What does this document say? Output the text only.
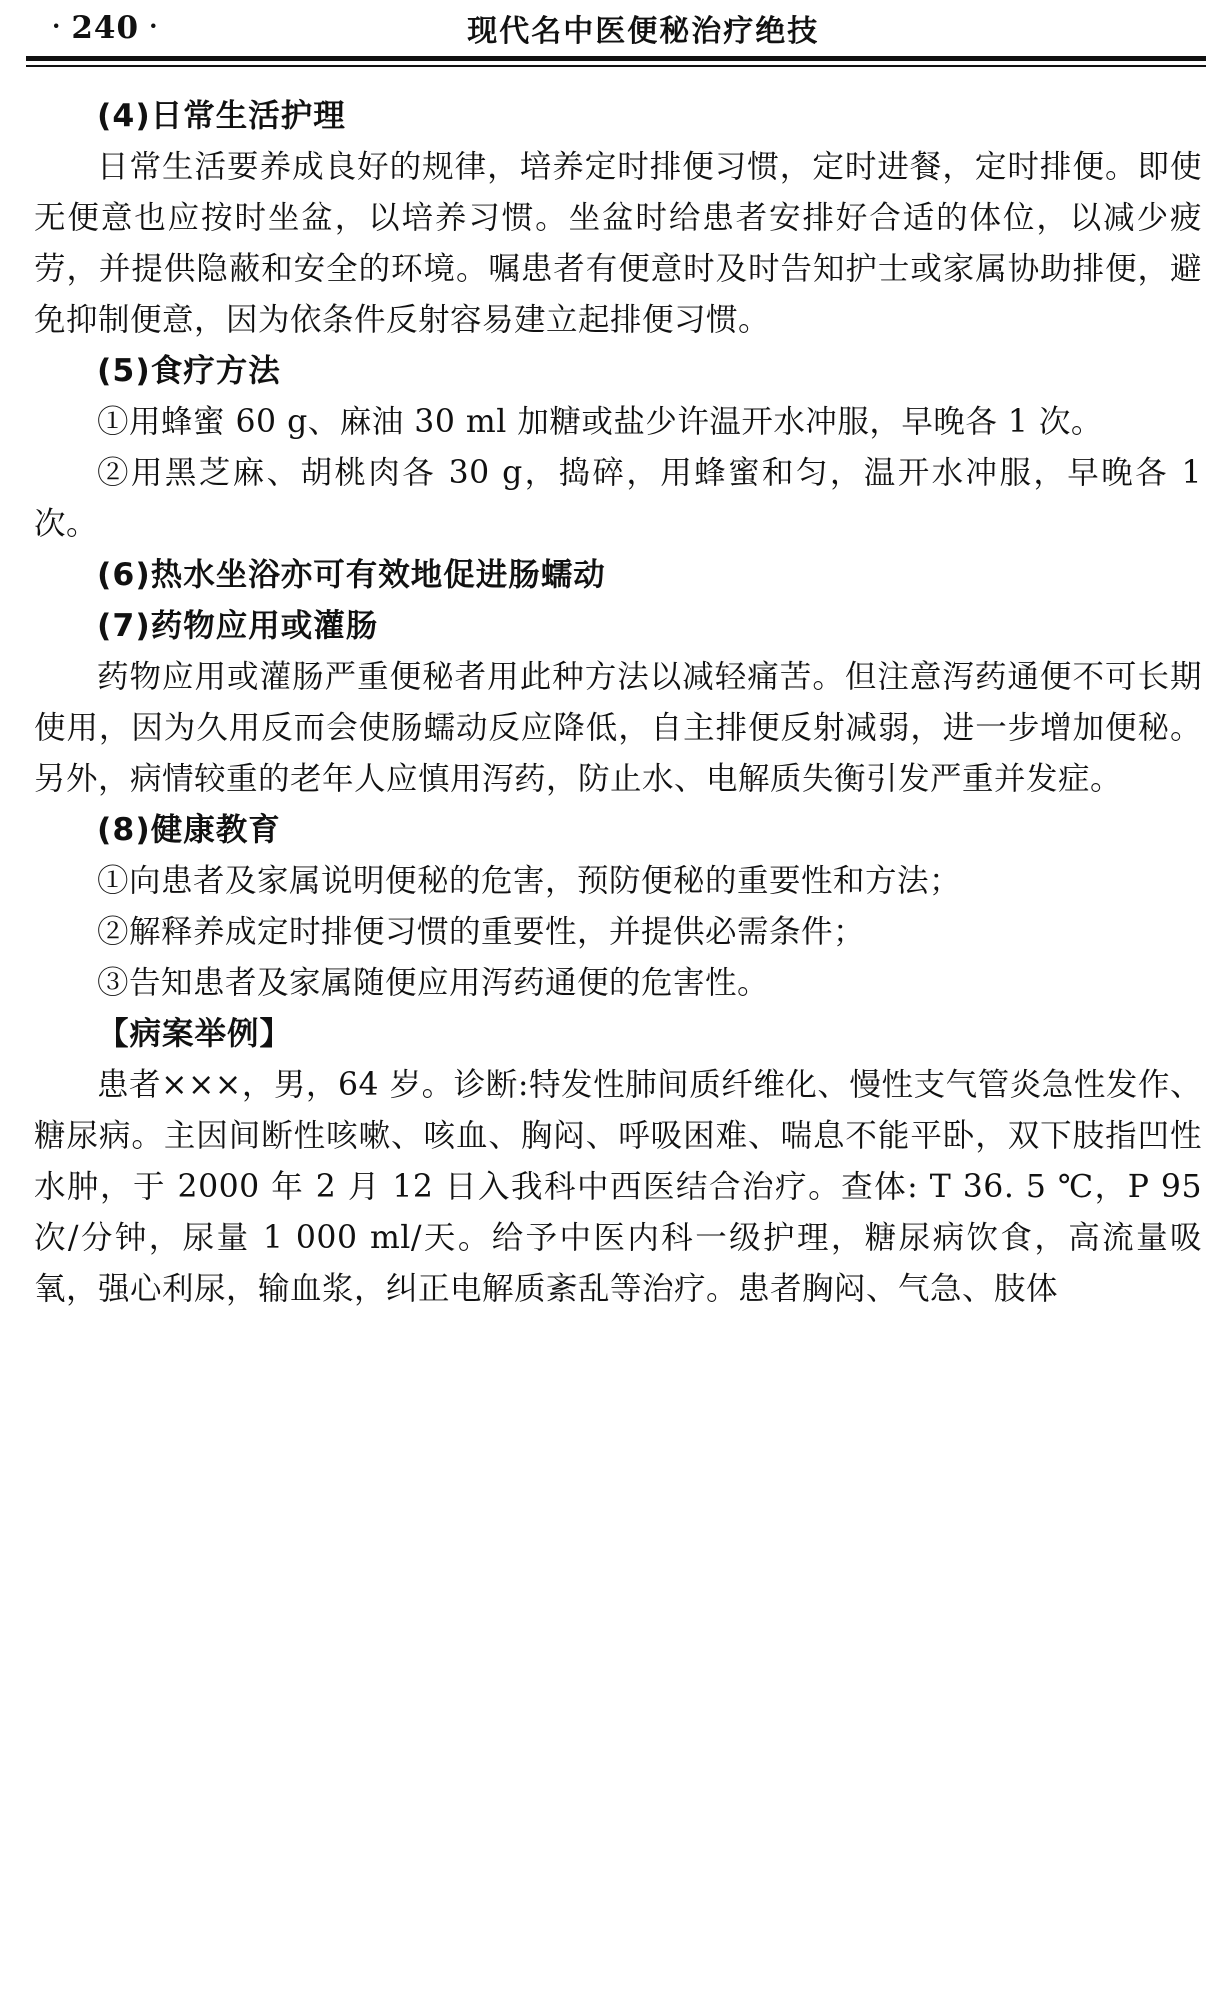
· 240 ·	现代名中医便秘治疗绝技

(4)日常生活护理

日常生活要养成良好的规律，培养定时排便习惯，定时进餐，定时排便。即使无便意也应按时坐盆，以培养习惯。坐盆时给患者安排好合适的体位，以减少疲劳，并提供隐蔽和安全的环境。嘱患者有便意时及时告知护士或家属协助排便，避免抑制便意，因为依条件反射容易建立起排便习惯。

(5)食疗方法

①用蜂蜜 60 g、麻油 30 ml 加糖或盐少许温开水冲服，早晚各 1 次。

②用黑芝麻、胡桃肉各 30 g，捣碎，用蜂蜜和匀，温开水冲服，早晚各 1 次。

(6)热水坐浴亦可有效地促进肠蠕动

(7)药物应用或灌肠

药物应用或灌肠严重便秘者用此种方法以减轻痛苦。但注意泻药通便不可长期使用，因为久用反而会使肠蠕动反应降低，自主排便反射减弱，进一步增加便秘。另外，病情较重的老年人应慎用泻药，防止水、电解质失衡引发严重并发症。

(8)健康教育

①向患者及家属说明便秘的危害，预防便秘的重要性和方法；

②解释养成定时排便习惯的重要性，并提供必需条件；

③告知患者及家属随便应用泻药通便的危害性。

【病案举例】

患者×××，男，64 岁。诊断:特发性肺间质纤维化、慢性支气管炎急性发作、糖尿病。主因间断性咳嗽、咳血、胸闷、呼吸困难、喘息不能平卧，双下肢指凹性水肿，于 2000 年 2 月 12 日入我科中西医结合治疗。查体: T 36. 5 ℃，P 95 次/分钟，尿量 1 000 ml/天。给予中医内科一级护理，糖尿病饮食，高流量吸氧，强心利尿，输血浆，纠正电解质紊乱等治疗。患者胸闷、气急、肢体
